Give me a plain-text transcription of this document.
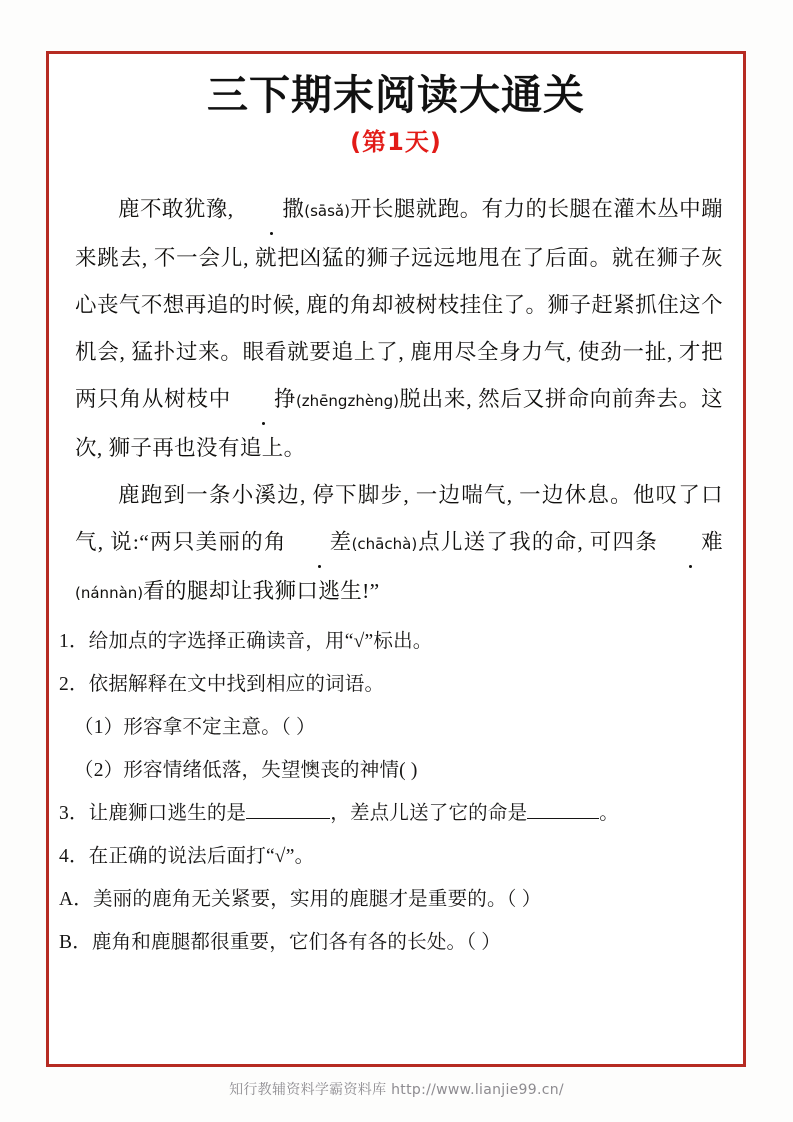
三下期末阅读大通关
(第1天)

鹿不敢犹豫, 撒(sāsǎ)开长腿就跑。有力的长腿在灌木丛中蹦来跳去, 不一会儿, 就把凶猛的狮子远远地甩在了后面。就在狮子灰心丧气不想再追的时候, 鹿的角却被树枝挂住了。狮子赶紧抓住这个机会, 猛扑过来。眼看就要追上了, 鹿用尽全身力气, 使劲一扯, 才把两只角从树枝中 挣(zhēngzhèng)脱出来, 然后又拼命向前奔去。这次, 狮子再也没有追上。

鹿跑到一条小溪边, 停下脚步, 一边喘气, 一边休息。他叹了口气, 说:“两只美丽的角 差(chāchà)点儿送了我的命, 可四条 难(nánnàn)看的腿却让我狮口逃生!”

1．给加点的字选择正确读音，用“√”标出。

2．依据解释在文中找到相应的词语。

（1）形容拿不定主意。（ ）

（2）形容情绪低落，失望懊丧的神情( )

3．让鹿狮口逃生的是	，差点儿送了它的命是	。

4．在正确的说法后面打“√”。

A．美丽的鹿角无关紧要，实用的鹿腿才是重要的。（ ）

B．鹿角和鹿腿都很重要，它们各有各的长处。（ ）

知行教辅资料学霸资料库 http://www.lianjie99.cn/
